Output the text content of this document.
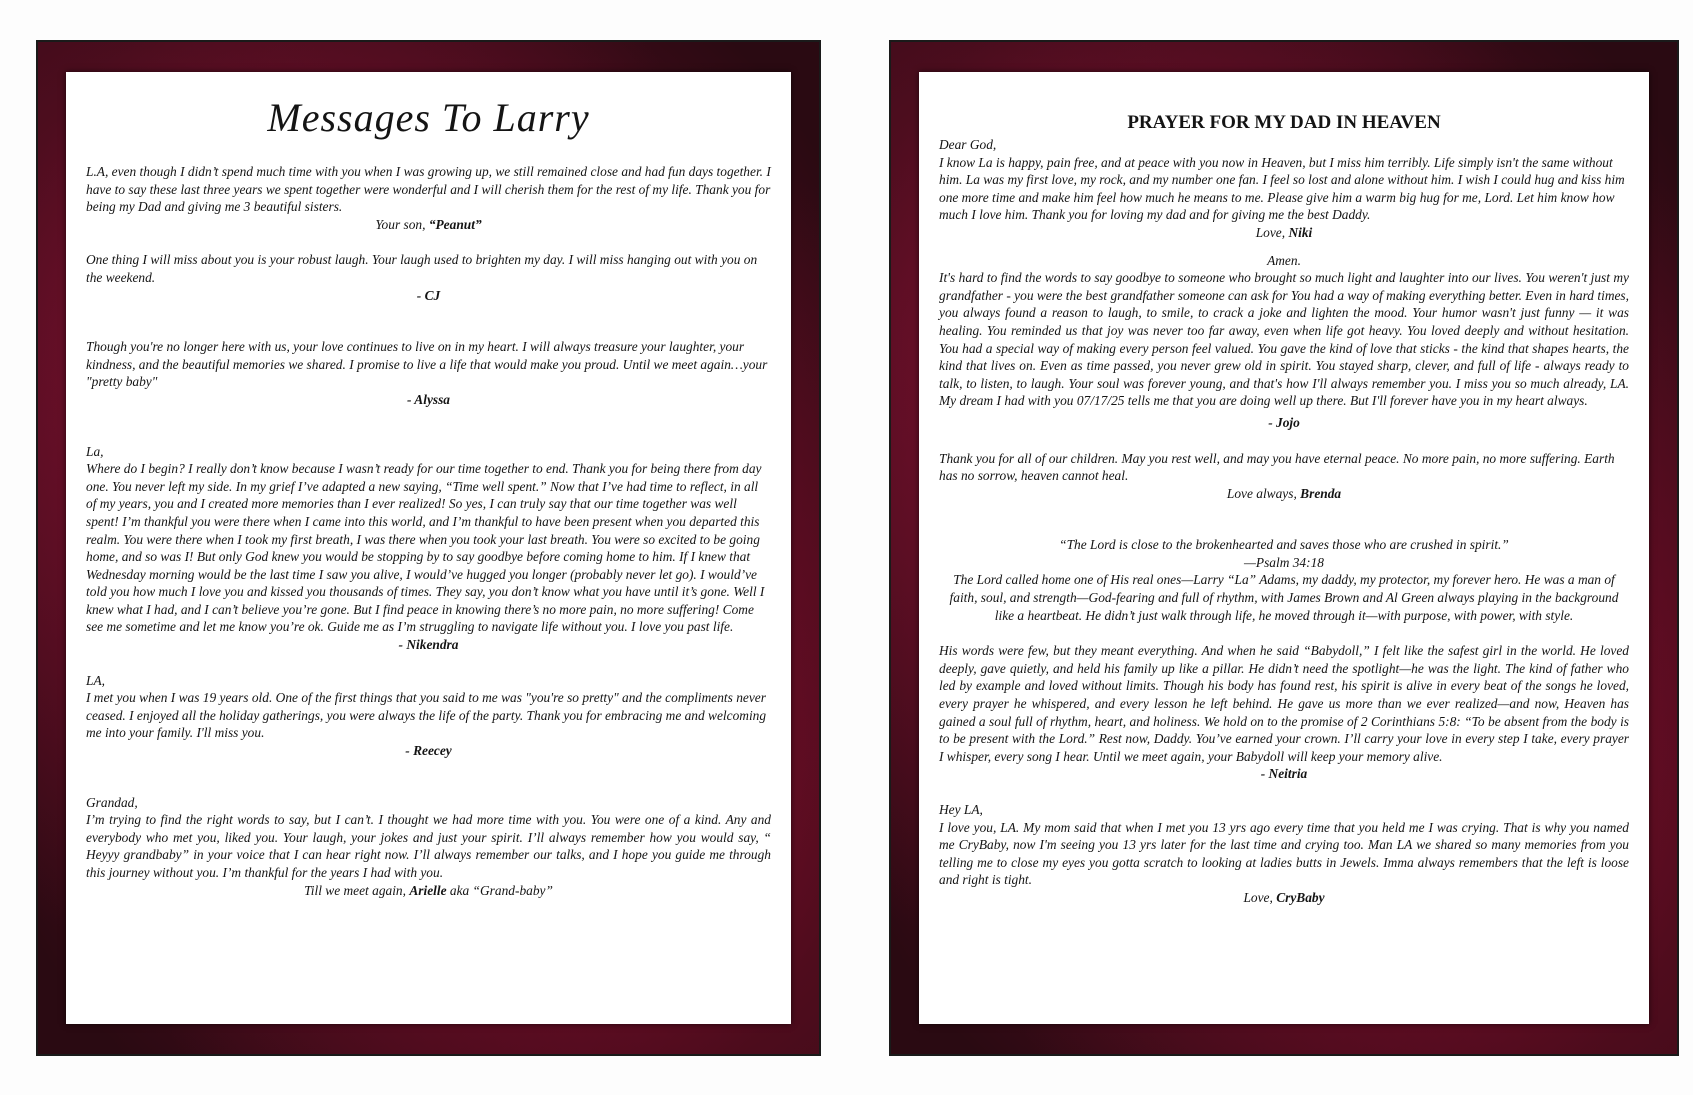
Messages To Larry

L.A, even though I didn’t spend much time with you when I was growing up, we still remained close and had fun days together. I have to say these last three years we spent together were wonderful and I will cherish them for the rest of my life. Thank you for being my Dad and giving me 3 beautiful sisters.

Your son, “Peanut”

One thing I will miss about you is your robust laugh. Your laugh used to brighten my day. I will miss hanging out with you on the weekend.

- CJ

Though you're no longer here with us, your love continues to live on in my heart. I will always treasure your laughter, your kindness, and the beautiful memories we shared. I promise to live a life that would make you proud. Until we meet again…your "pretty baby"

- Alyssa

La,

Where do I begin? I really don’t know because I wasn’t ready for our time together to end. Thank you for being there from day one. You never left my side. In my grief I’ve adapted a new saying, “Time well spent.” Now that I’ve had time to reflect, in all of my years, you and I created more memories than I ever realized! So yes, I can truly say that our time together was well spent! I’m thankful you were there when I came into this world, and I’m thankful to have been present when you departed this realm. You were there when I took my first breath, I was there when you took your last breath. You were so excited to be going home, and so was I! But only God knew you would be stopping by to say goodbye before coming home to him. If I knew that Wednesday morning would be the last time I saw you alive, I would’ve hugged you longer (probably never let go). I would’ve told you how much I love you and kissed you thousands of times. They say, you don’t know what you have until it’s gone. Well I knew what I had, and I can’t believe you’re gone. But I find peace in knowing there’s no more pain, no more suffering! Come see me sometime and let me know you’re ok. Guide me as I’m struggling to navigate life without you. I love you past life.

- Nikendra

LA,

I met you when I was 19 years old. One of the first things that you said to me was "you're so pretty" and the compliments never ceased. I enjoyed all the holiday gatherings, you were always the life of the party. Thank you for embracing me and welcoming me into your family. I'll miss you.

- Reecey

Grandad,

I’m trying to find the right words to say, but I can’t. I thought we had more time with you. You were one of a kind. Any and everybody who met you, liked you. Your laugh, your jokes and just your spirit. I’ll always remember how you would say, “ Heyyy grandbaby” in your voice that I can hear right now. I’ll always remember our talks, and I hope you guide me through this journey without you. I’m thankful for the years I had with you.

Till we meet again, Arielle aka “Grand-baby”

PRAYER FOR MY DAD IN HEAVEN

Dear God,

I know La is happy, pain free, and at peace with you now in Heaven, but I miss him terribly. Life simply isn't the same without him. La was my first love, my rock, and my number one fan. I feel so lost and alone without him. I wish I could hug and kiss him one more time and make him feel how much he means to me. Please give him a warm big hug for me, Lord. Let him know how much I love him. Thank you for loving my dad and for giving me the best Daddy.

Love, Niki

Amen.

It's hard to find the words to say goodbye to someone who brought so much light and laughter into our lives. You weren't just my grandfather - you were the best grandfather someone can ask for You had a way of making everything better. Even in hard times, you always found a reason to laugh, to smile, to crack a joke and lighten the mood. Your humor wasn't just funny — it was healing. You reminded us that joy was never too far away, even when life got heavy. You loved deeply and without hesitation. You had a special way of making every person feel valued. You gave the kind of love that sticks - the kind that shapes hearts, the kind that lives on. Even as time passed, you never grew old in spirit. You stayed sharp, clever, and full of life - always ready to talk, to listen, to laugh. Your soul was forever young, and that's how I'll always remember you. I miss you so much already, LA. My dream I had with you 07/17/25 tells me that you are doing well up there. But I'll forever have you in my heart always.

- Jojo

Thank you for all of our children. May you rest well, and may you have eternal peace. No more pain, no more suffering. Earth has no sorrow, heaven cannot heal.

Love always, Brenda

“The Lord is close to the brokenhearted and saves those who are crushed in spirit.”

—Psalm 34:18

The Lord called home one of His real ones—Larry “La” Adams, my daddy, my protector, my forever hero. He was a man of faith, soul, and strength—God-fearing and full of rhythm, with James Brown and Al Green always playing in the background like a heartbeat. He didn’t just walk through life, he moved through it—with purpose, with power, with style.

His words were few, but they meant everything. And when he said “Babydoll,” I felt like the safest girl in the world. He loved deeply, gave quietly, and held his family up like a pillar. He didn’t need the spotlight—he was the light. The kind of father who led by example and loved without limits. Though his body has found rest, his spirit is alive in every beat of the songs he loved, every prayer he whispered, and every lesson he left behind. He gave us more than we ever realized—and now, Heaven has gained a soul full of rhythm, heart, and holiness. We hold on to the promise of 2 Corinthians 5:8: “To be absent from the body is to be present with the Lord.” Rest now, Daddy. You’ve earned your crown. I’ll carry your love in every step I take, every prayer I whisper, every song I hear. Until we meet again, your Babydoll will keep your memory alive.

- Neitria

Hey LA,

I love you, LA. My mom said that when I met you 13 yrs ago every time that you held me I was crying. That is why you named me CryBaby, now I'm seeing you 13 yrs later for the last time and crying too. Man LA we shared so many memories from you telling me to close my eyes you gotta scratch to looking at ladies butts in Jewels. Imma always remembers that the left is loose and right is tight.

Love, CryBaby
